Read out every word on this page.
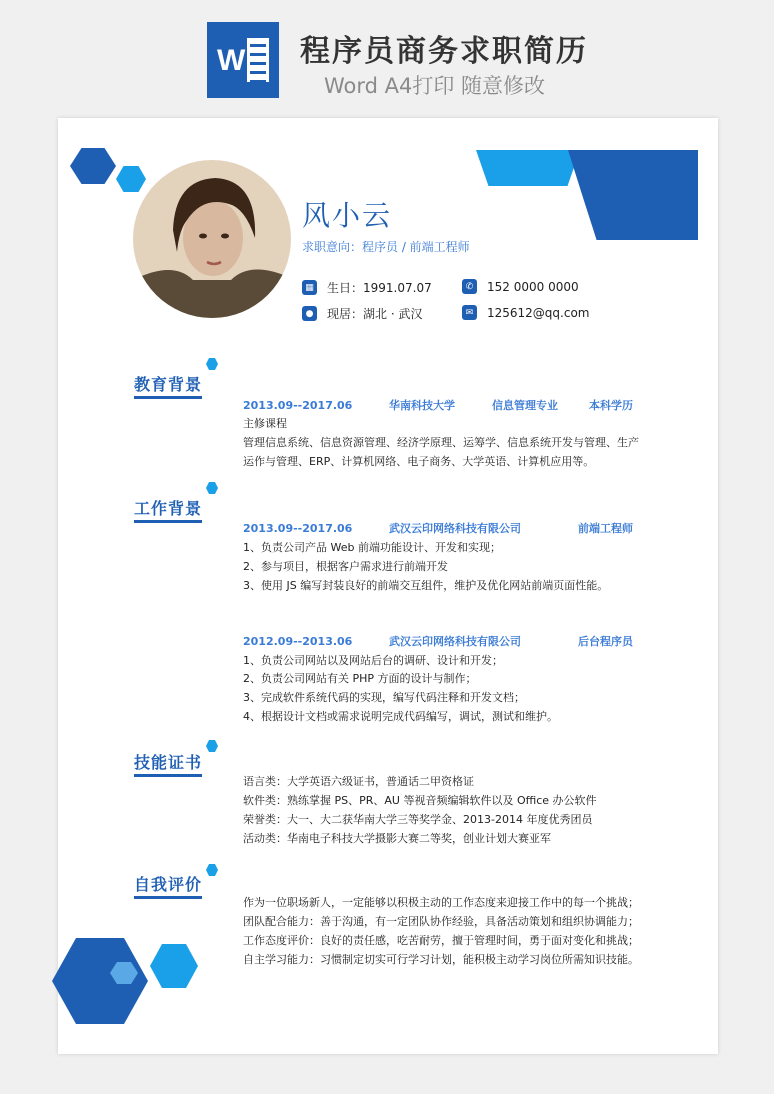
W 程序员商务求职简历
Word A4打印 随意修改
风小云
求职意向：程序员 / 前端工程师
▦ 生日：1991.07.07	✆	152 0000 0000
● 现居：湖北 · 武汉	✉	125612@qq.com
教育背景
2013.09--2017.06	华南科技大学	信息管理专业	本科学历
主修课程
管理信息系统、信息资源管理、经济学原理、运筹学、信息系统开发与管理、生产
运作与管理、ERP、计算机网络、电子商务、大学英语、计算机应用等。
工作背景
2013.09--2017.06	武汉云印网络科技有限公司	前端工程师
1、负责公司产品 Web 前端功能设计、开发和实现；
2、参与项目，根据客户需求进行前端开发
3、使用 JS 编写封装良好的前端交互组件，维护及优化网站前端页面性能。
2012.09--2013.06	武汉云印网络科技有限公司	后台程序员
1、负责公司网站以及网站后台的调研、设计和开发；
2、负责公司网站有关 PHP 方面的设计与制作；
3、完成软件系统代码的实现，编写代码注释和开发文档；
4、根据设计文档或需求说明完成代码编写，调试，测试和维护。
技能证书
语言类：大学英语六级证书，普通话二甲资格证
软件类：熟练掌握 PS、PR、AU 等视音频编辑软件以及 Office 办公软件
荣誉类：大一、大二获华南大学三等奖学金、2013-2014 年度优秀团员
活动类：华南电子科技大学摄影大赛二等奖，创业计划大赛亚军
自我评价
作为一位职场新人，一定能够以积极主动的工作态度来迎接工作中的每一个挑战；
团队配合能力：善于沟通，有一定团队协作经验，具备活动策划和组织协调能力；
工作态度评价：良好的责任感，吃苦耐劳，擅于管理时间，勇于面对变化和挑战；
自主学习能力：习惯制定切实可行学习计划，能积极主动学习岗位所需知识技能。
